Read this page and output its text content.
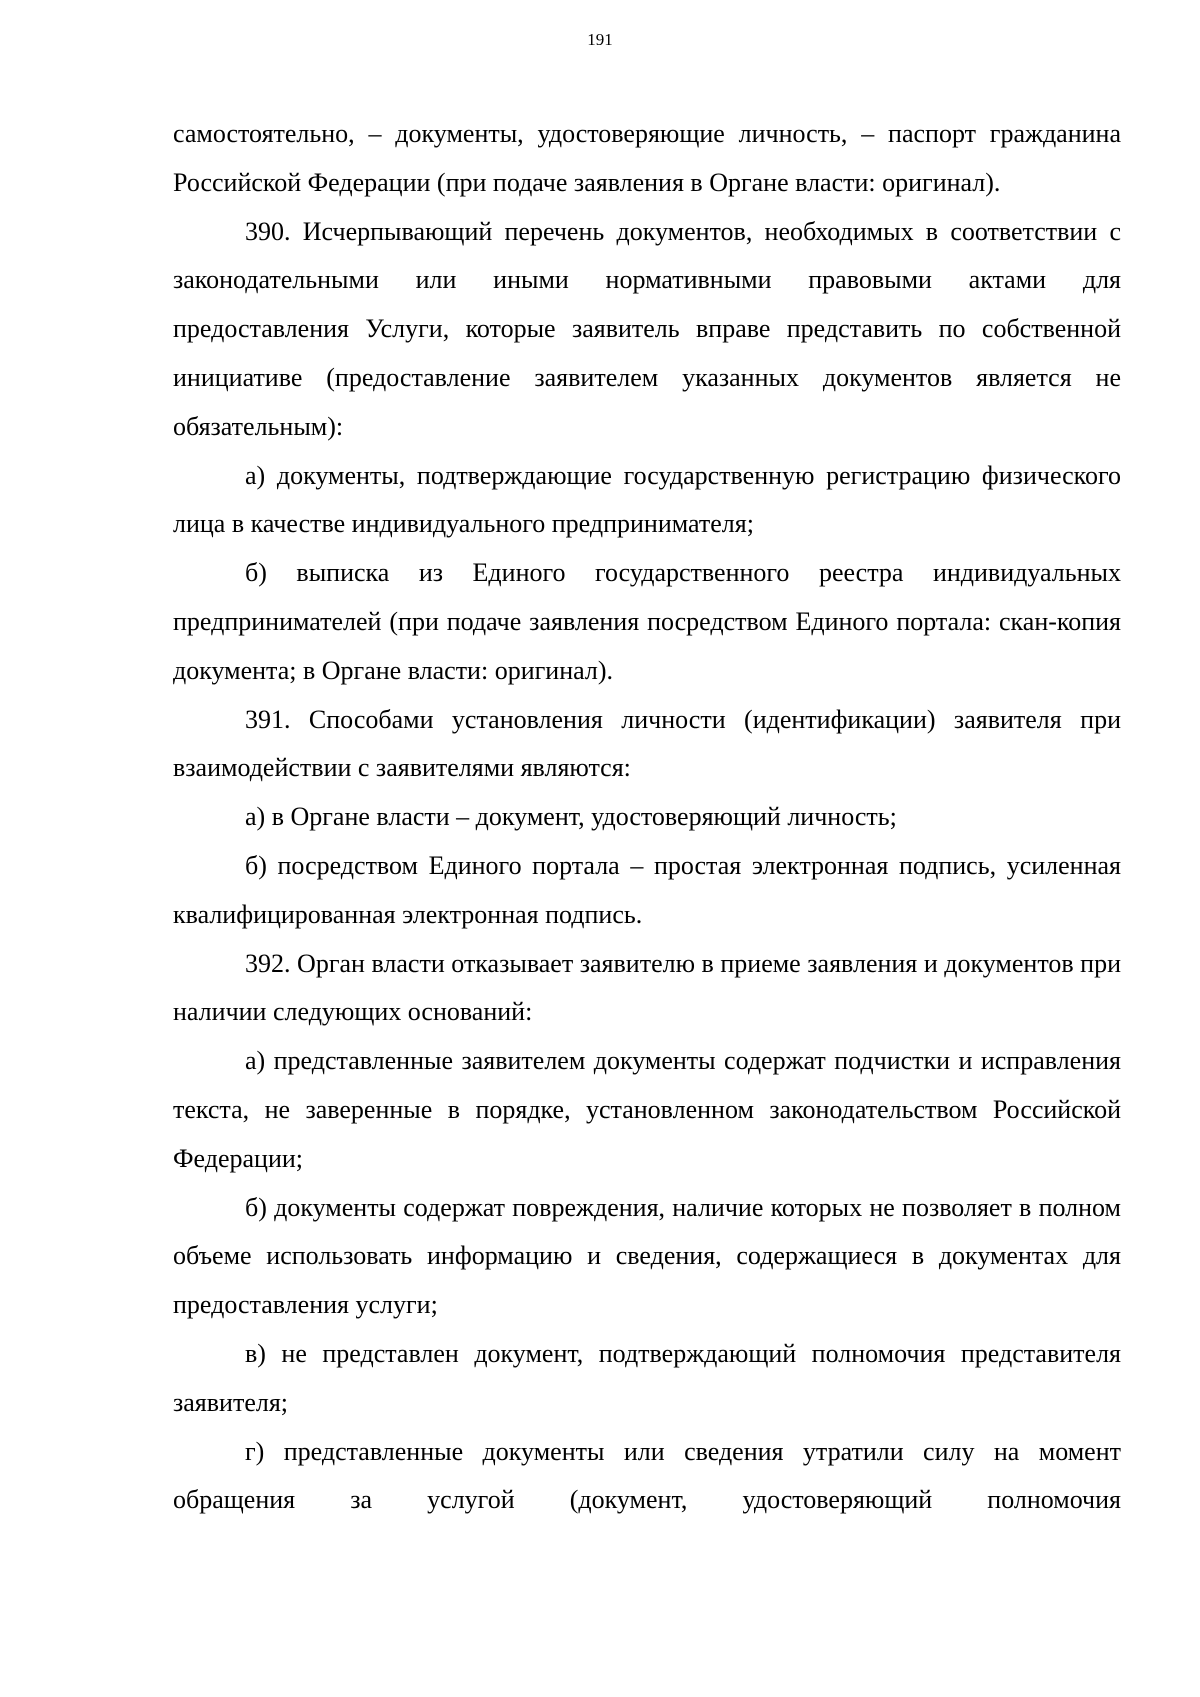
191

самостоятельно, – документы, удостоверяющие личность, – паспорт гражданина Российской Федерации (при подаче заявления в Органе власти: оригинал).

390. Исчерпывающий перечень документов, необходимых в соответствии с законодательными или иными нормативными правовыми актами для предоставления Услуги, которые заявитель вправе представить по собственной инициативе (предоставление заявителем указанных документов является не обязательным):

а) документы, подтверждающие государственную регистрацию физического лица в качестве индивидуального предпринимателя;

б) выписка из Единого государственного реестра индивидуальных предпринимателей (при подаче заявления посредством Единого портала: скан-копия документа; в Органе власти: оригинал).

391. Способами установления личности (идентификации) заявителя при взаимодействии с заявителями являются:

а) в Органе власти – документ, удостоверяющий личность;

б) посредством Единого портала – простая электронная подпись, усиленная квалифицированная электронная подпись.

392. Орган власти отказывает заявителю в приеме заявления и документов при наличии следующих оснований:

а) представленные заявителем документы содержат подчистки и исправления текста, не заверенные в порядке, установленном законодательством Российской Федерации;

б) документы содержат повреждения, наличие которых не позволяет в полном объеме использовать информацию и сведения, содержащиеся в документах для предоставления услуги;

в) не представлен документ, подтверждающий полномочия представителя заявителя;

г) представленные документы или сведения утратили силу на момент обращения за услугой (документ, удостоверяющий полномочия
